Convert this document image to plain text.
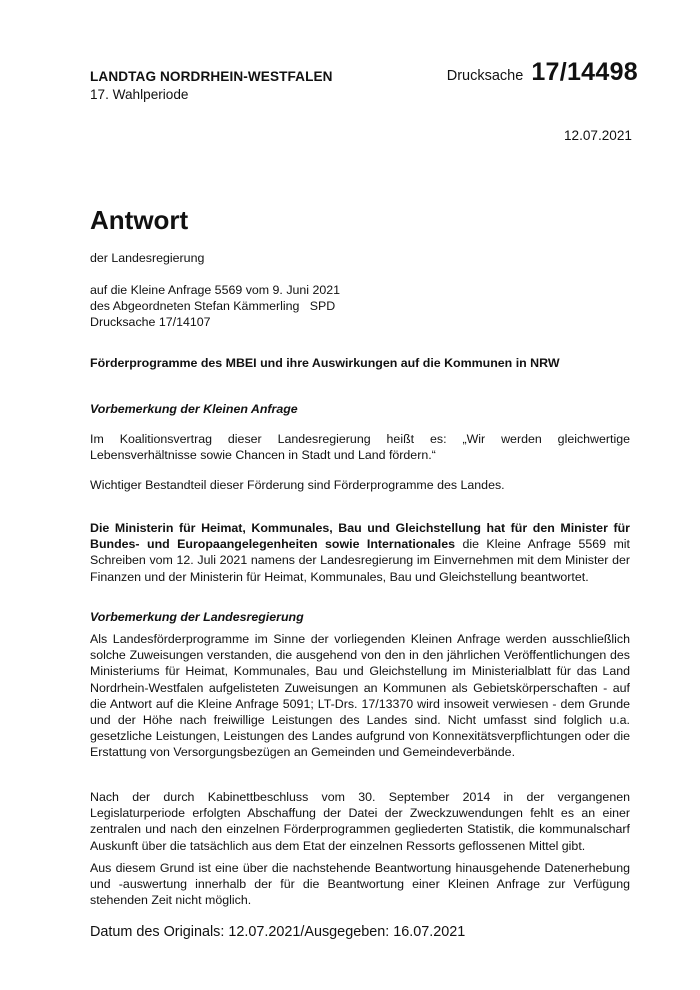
LANDTAG NORDRHEIN-WESTFALEN
17. Wahlperiode
Drucksache 17/14498
12.07.2021
Antwort
der Landesregierung
auf die Kleine Anfrage 5569 vom 9. Juni 2021
des Abgeordneten Stefan Kämmerling   SPD
Drucksache 17/14107
Förderprogramme des MBEI und ihre Auswirkungen auf die Kommunen in NRW
Vorbemerkung der Kleinen Anfrage
Im Koalitionsvertrag dieser Landesregierung heißt es: „Wir werden gleichwertige Lebensverhältnisse sowie Chancen in Stadt und Land fördern.“
Wichtiger Bestandteil dieser Förderung sind Förderprogramme des Landes.
Die Ministerin für Heimat, Kommunales, Bau und Gleichstellung hat für den Minister für Bundes- und Europaangelegenheiten sowie Internationales die Kleine Anfrage 5569 mit Schreiben vom 12. Juli 2021 namens der Landesregierung im Einvernehmen mit dem Minister der Finanzen und der Ministerin für Heimat, Kommunales, Bau und Gleichstellung beantwortet.
Vorbemerkung der Landesregierung
Als Landesförderprogramme im Sinne der vorliegenden Kleinen Anfrage werden ausschließlich solche Zuweisungen verstanden, die ausgehend von den in den jährlichen Veröffentlichungen des Ministeriums für Heimat, Kommunales, Bau und Gleichstellung im Ministerialblatt für das Land Nordrhein-Westfalen aufgelisteten Zuweisungen an Kommunen als Gebietskörperschaften - auf die Antwort auf die Kleine Anfrage 5091; LT-Drs. 17/13370 wird insoweit verwiesen - dem Grunde und der Höhe nach freiwillige Leistungen des Landes sind. Nicht umfasst sind folglich u.a. gesetzliche Leistungen, Leistungen des Landes aufgrund von Konnexitätsverpflichtungen oder die Erstattung von Versorgungsbezügen an Gemeinden und Gemeindeverbände.
Nach der durch Kabinettbeschluss vom 30. September 2014 in der vergangenen Legislaturperiode erfolgten Abschaffung der Datei der Zweckzuwendungen fehlt es an einer zentralen und nach den einzelnen Förderprogrammen gegliederten Statistik, die kommunalscharf Auskunft über die tatsächlich aus dem Etat der einzelnen Ressorts geflossenen Mittel gibt.
Aus diesem Grund ist eine über die nachstehende Beantwortung hinausgehende Datenerhebung und -auswertung innerhalb der für die Beantwortung einer Kleinen Anfrage zur Verfügung stehenden Zeit nicht möglich.
Datum des Originals: 12.07.2021/Ausgegeben: 16.07.2021
